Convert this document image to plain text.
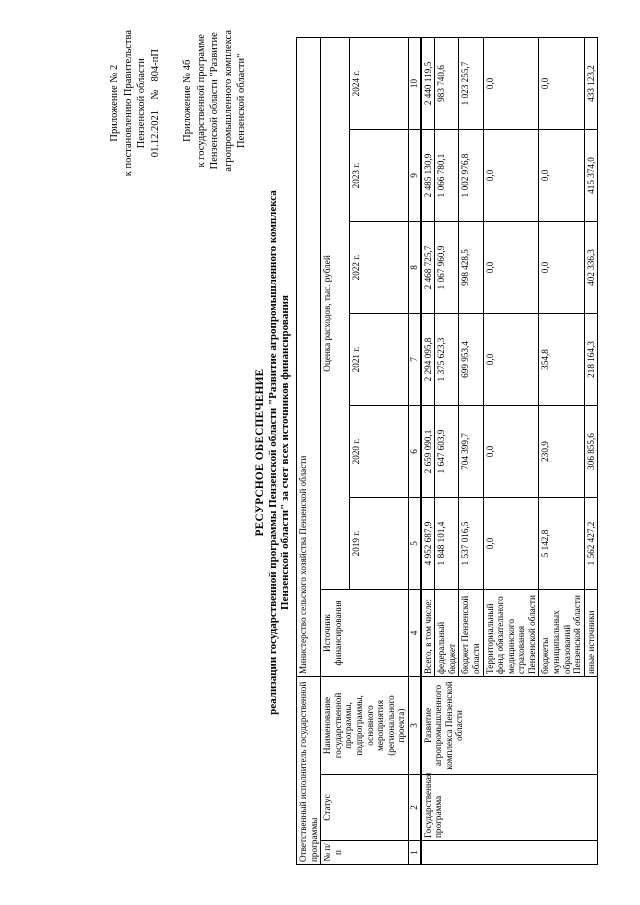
Приложение № 2 к постановлению Правительства Пензенской области 01.12.2021    №   804-пП Приложение № 4б к государственной программе Пензенской области "Развитие агропромышленного комплекса Пензенской области"
РЕСУРСНОЕ ОБЕСПЕЧЕНИЕ реализации государственной программы Пензенской области "Развитие агропромышленного комплекса Пензенской области" за счет всех источников финансирования
Ответственный исполнитель государственной программы			Министерство сельского хозяйства Пензенской области						
№ п/п	Статус	Наименование государственной программы, подпрограммы, основного мероприятия (регионального проекта)	Источник финансирования	Оценка расходов, тыс. рублей					
				2019 г.	2020 г.	2021 г.	2022 г.	2023 г.	2024 г.
1	2	3	4	5	6	7	8	9	10
	Государственная программа	Развитие агропромышленного комплекса Пензенской области	Всего, в том числе:	4 952 687,9	2 659 090,1	2 294 095,8	2 468 725,7	2 485 130,9	2 440 119,5
			федеральный бюджет	1 848 101,4	1 647 603,9	1 375 623,3	1 067 960,9	1 066 780,1	983 740,6
			бюджет Пензенской области	1 537 016,5	704 399,7	699 953,4	998 428,5	1 002 976,8	1 023 255,7
			Территориальный фонд обязательного медицинского страхования Пензенской области	0,0	0,0	0,0	0,0	0,0	0,0
			бюджеты муниципальных образований Пензенской области	5 142,8	230,9	354,8	0,0	0,0	0,0
			иные источники	1 562 427,2	306 855,6	218 164,3	402 336,3	415 374,0	433 123,2
